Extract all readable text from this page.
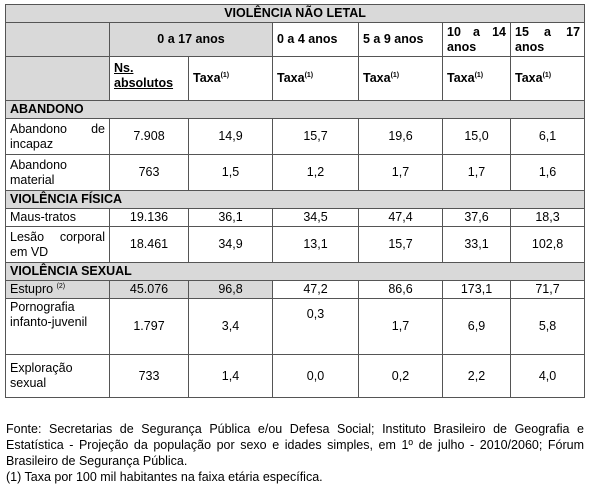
VIOLÊNCIA NÃO LETAL						
	0 a 17 anos		0 a 4 anos	5 a 9 anos	10 a 14 anos	15 a 17 anos
	Ns. absolutos	Taxa$^{(1)}$	Taxa$^{(1)}$	Taxa$^{(1)}$	Taxa$^{(1)}$	Taxa$^{(1)}$
ABANDONO						
Abandono de incapaz	7.908	14,9	15,7	19,6	15,0	6,1
Abandono material	763	1,5	1,2	1,7	1,7	1,6
VIOLÊNCIA FÍSICA						
Maus-tratos	19.136	36,1	34,5	47,4	37,6	18,3
Lesão corporal em VD	18.461	34,9	13,1	15,7	33,1	102,8
VIOLÊNCIA SEXUAL						
Estupro $^{(2)}$	45.076	96,8	47,2	86,6	173,1	71,7
Pornografia infanto-juvenil	1.797	3,4	0,3	1,7	6,9	5,8
Exploração sexual	733	1,4	0,0	0,2	2,2	4,0

Fonte: Secretarias de Segurança Pública e/ou Defesa Social; Instituto Brasileiro de Geografia e Estatística - Projeção da população por sexo e idades simples, em 1º de julho - 2010/2060; Fórum Brasileiro de Segurança Pública.

(1) Taxa por 100 mil habitantes na faixa etária específica.
